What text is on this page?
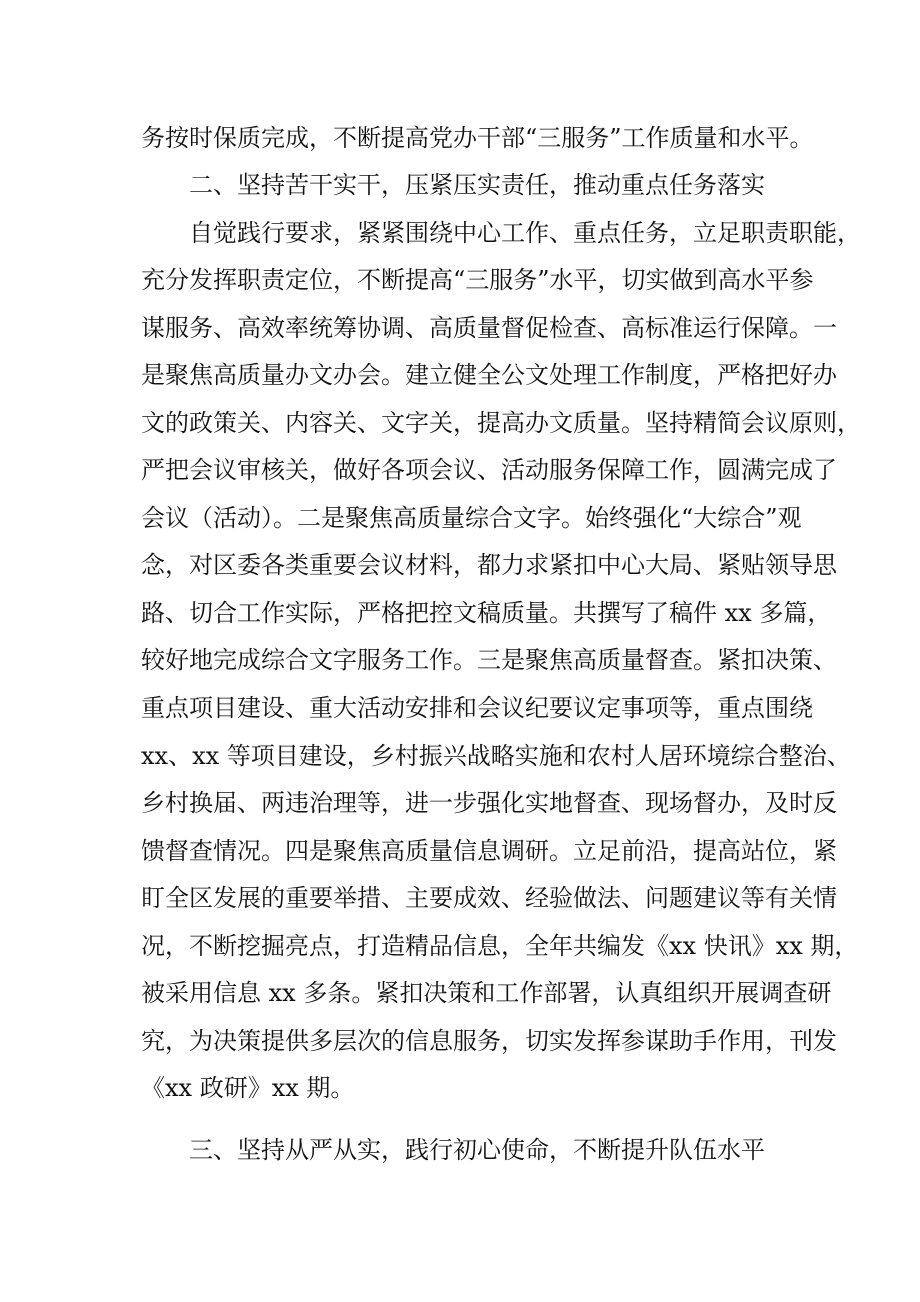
务按时保质完成，不断提高党办干部“三服务”工作质量和水平。
二、坚持苦干实干，压紧压实责任，推动重点任务落实
自觉践行要求，紧紧围绕中心工作、重点任务，立足职责职能，
充分发挥职责定位，不断提高“三服务”水平，切实做到高水平参
谋服务、高效率统筹协调、高质量督促检查、高标准运行保障。一
是聚焦高质量办文办会。建立健全公文处理工作制度，严格把好办
文的政策关、内容关、文字关，提高办文质量。坚持精简会议原则，
严把会议审核关，做好各项会议、活动服务保障工作，圆满完成了
会议（活动）。二是聚焦高质量综合文字。始终强化“大综合”观
念，对区委各类重要会议材料，都力求紧扣中心大局、紧贴领导思
路、切合工作实际，严格把控文稿质量。共撰写了稿件 xx 多篇，
较好地完成综合文字服务工作。三是聚焦高质量督查。紧扣决策、
重点项目建设、重大活动安排和会议纪要议定事项等，重点围绕
xx、xx 等项目建设，乡村振兴战略实施和农村人居环境综合整治、
乡村换届、两违治理等，进一步强化实地督查、现场督办，及时反
馈督查情况。四是聚焦高质量信息调研。立足前沿，提高站位，紧
盯全区发展的重要举措、主要成效、经验做法、问题建议等有关情
况，不断挖掘亮点，打造精品信息，全年共编发《xx 快讯》xx 期，
被采用信息 xx 多条。紧扣决策和工作部署，认真组织开展调查研
究，为决策提供多层次的信息服务，切实发挥参谋助手作用，刊发
《xx 政研》xx 期。
三、坚持从严从实，践行初心使命，不断提升队伍水平
